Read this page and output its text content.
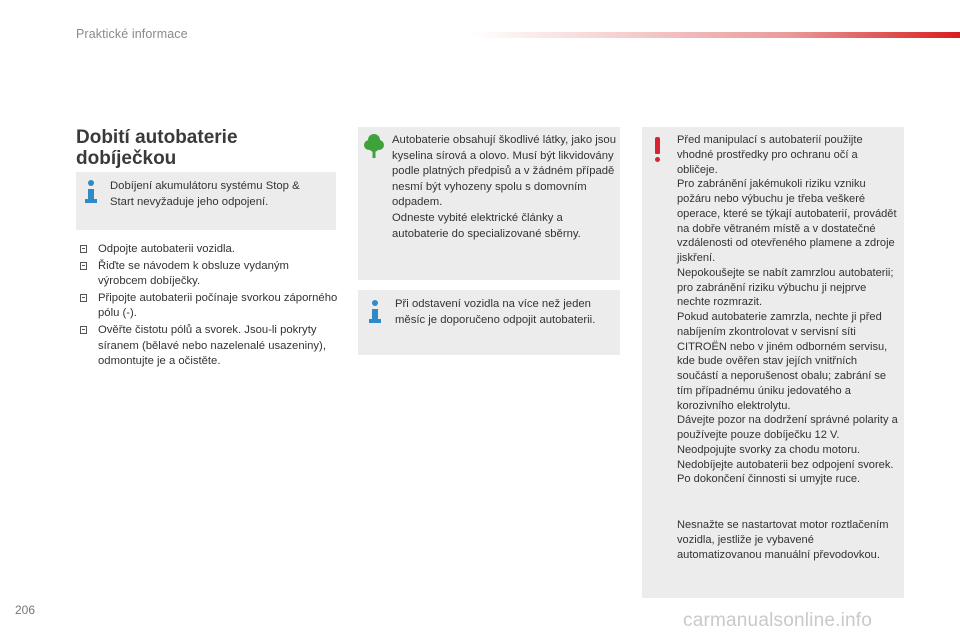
Praktické informace
Dobití autobaterie dobíječkou
Dobíjení akumulátoru systému Stop & Start nevyžaduje jeho odpojení.
Odpojte autobaterii vozidla.
Řiďte se návodem k obsluze vydaným výrobcem dobíječky.
Připojte autobaterii počínaje svorkou záporného pólu (-).
Ověřte čistotu pólů a svorek. Jsou-li pokryty síranem (bělavé nebo nazelenalé usazeniny), odmontujte je a očistěte.
Autobaterie obsahují škodlivé látky, jako jsou kyselina sírová a olovo. Musí být likvidovány podle platných předpisů a v žádném případě nesmí být vyhozeny spolu s domovním odpadem.
Odneste vybité elektrické články a autobaterie do specializované sběrny.
Při odstavení vozidla na více než jeden měsíc je doporučeno odpojit autobaterii.
Před manipulací s autobaterií použijte vhodné prostředky pro ochranu očí a obličeje.
Pro zabránění jakémukoli riziku vzniku požáru nebo výbuchu je třeba veškeré operace, které se týkají autobaterií, provádět na dobře větraném místě a v dostatečné vzdálenosti od otevřeného plamene a zdroje jiskření.
Nepokoušejte se nabít zamrzlou autobaterii; pro zabránění riziku výbuchu ji nejprve nechte rozmrazit.
Pokud autobaterie zamrzla, nechte ji před nabíjením zkontrolovat v servisní síti CITROËN nebo v jiném odborném servisu, kde bude ověřen stav jejích vnitřních součástí a neporušenost obalu; zabrání se tím případnému úniku jedovatého a korozivního elektrolytu.
Dávejte pozor na dodržení správné polarity a používejte pouze dobíječku 12 V.
Neodpojujte svorky za chodu motoru.
Nedobíjejte autobaterii bez odpojení svorek.
Po dokončení činnosti si umyjte ruce.
Nesnažte se nastartovat motor roztlačením vozidla, jestliže je vybavené automatizovanou manuální převodovkou.
206	carmanualsonline.info
